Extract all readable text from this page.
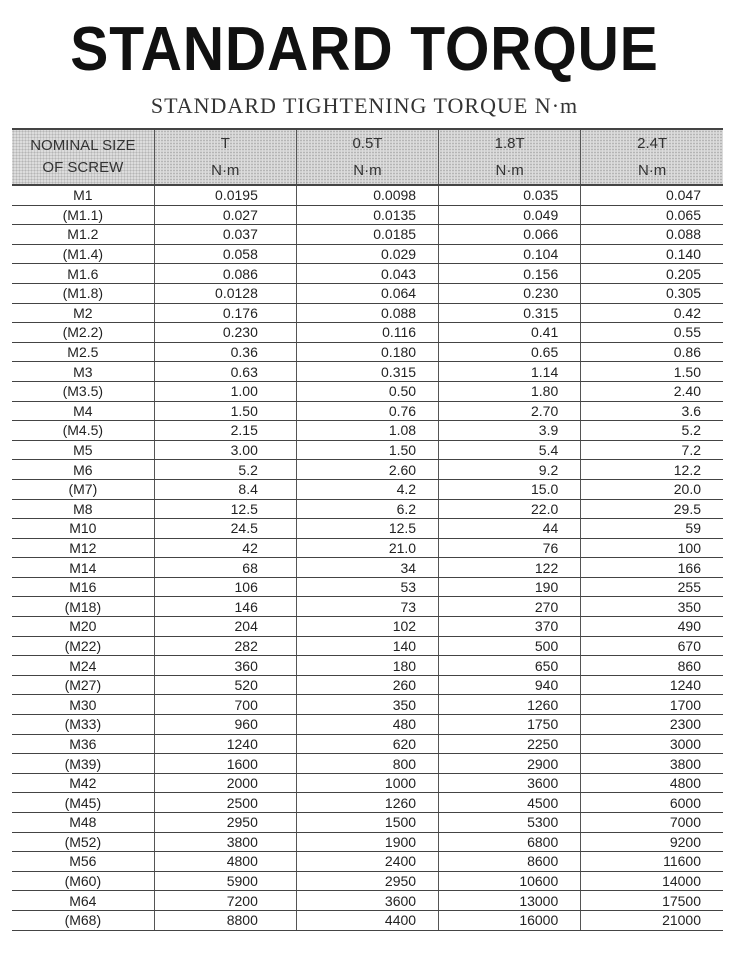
STANDARD TORQUE
STANDARD TIGHTENING TORQUE N·m
NOMINAL SIZE
OF SCREW	T	0.5T	1.8T	2.4T
	N·m	N·m	N·m	N·m
M1	0.0195	0.0098	0.035	0.047
(M1.1)	0.027	0.0135	0.049	0.065
M1.2	0.037	0.0185	0.066	0.088
(M1.4)	0.058	0.029	0.104	0.140
M1.6	0.086	0.043	0.156	0.205
(M1.8)	0.0128	0.064	0.230	0.305
M2	0.176	0.088	0.315	0.42
(M2.2)	0.230	0.116	0.41	0.55
M2.5	0.36	0.180	0.65	0.86
M3	0.63	0.315	1.14	1.50
(M3.5)	1.00	0.50	1.80	2.40
M4	1.50	0.76	2.70	3.6
(M4.5)	2.15	1.08	3.9	5.2
M5	3.00	1.50	5.4	7.2
M6	5.2	2.60	9.2	12.2
(M7)	8.4	4.2	15.0	20.0
M8	12.5	6.2	22.0	29.5
M10	24.5	12.5	44	59
M12	42	21.0	76	100
M14	68	34	122	166
M16	106	53	190	255
(M18)	146	73	270	350
M20	204	102	370	490
(M22)	282	140	500	670
M24	360	180	650	860
(M27)	520	260	940	1240
M30	700	350	1260	1700
(M33)	960	480	1750	2300
M36	1240	620	2250	3000
(M39)	1600	800	2900	3800
M42	2000	1000	3600	4800
(M45)	2500	1260	4500	6000
M48	2950	1500	5300	7000
(M52)	3800	1900	6800	9200
M56	4800	2400	8600	11600
(M60)	5900	2950	10600	14000
M64	7200	3600	13000	17500
(M68)	8800	4400	16000	21000
